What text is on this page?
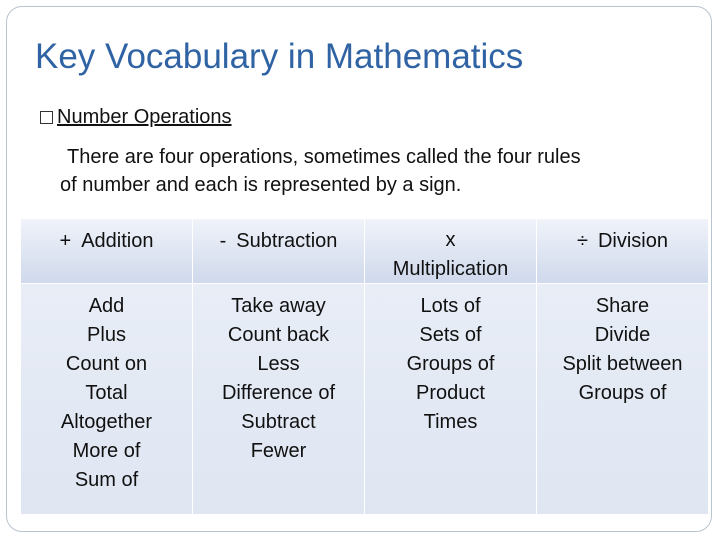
Key Vocabulary in Mathematics
Number Operations
There are four operations, sometimes called the four rules
of number and each is represented by a sign.
+ Addition	- Subtraction	x
Multiplication
÷ Division
Add
Plus
Count on
Total
Altogether
More of
Sum of
Take away
Count back
Less
Difference of
Subtract
Fewer
Lots of
Sets of
Groups of
Product
Times
Share
Divide
Split between
Groups of
